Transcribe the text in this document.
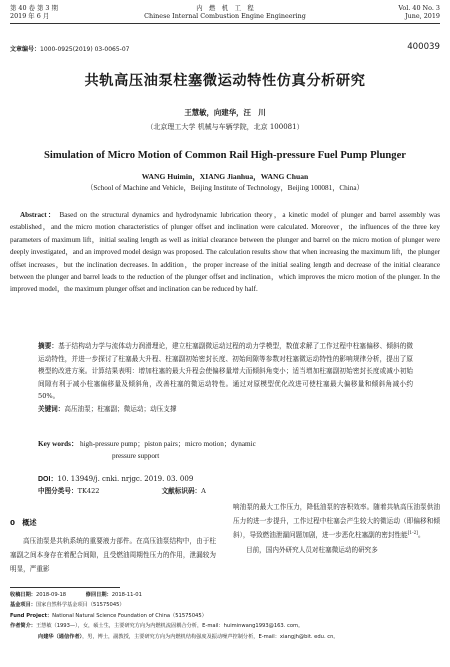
第 40 卷 第 3 期
2019 年 6 月
内　燃　机　工　程
Chinese Internal Combustion Engine Engineering
Vol. 40 No. 3
June, 2019
文章编号：1000-0925(2019) 03-0065-07	400039
共轨高压油泵柱塞微运动特性仿真分析研究
王慧敏，向建华，汪　川
（北京理工大学 机械与车辆学院，北京 100081）
Simulation of Micro Motion of Common Rail High-pressure Fuel Pump Plunger
WANG Huimin，XIANG Jianhua，WANG Chuan
（School of Machine and Vehicle，Beijing Institute of Technology，Beijing 100081，China）
Abstract： Based on the structural dynamics and hydrodynamic lubrication theory，a kinetic model of plunger and barrel assembly was established，and the micro motion characteristics of plunger offset and inclination were calculated. Moreover，the influences of the three key parameters of maximum lift，initial sealing length as well as initial clearance between the plunger and barrel on the micro motion of plunger were deeply investigated，and an improved model design was proposed. The calculation results show that when increasing the maximum lift，the plunger offset increases，but the inclination decreases. In addition，the proper increase of the initial sealing length and decrease of the initial clearance between the plunger and barrel leads to the reduction of the plunger offset and inclination，which improves the micro motion of the plunger. In the improved model，the maximum plunger offset and inclination can be reduced by half.

摘要：基于结构动力学与流体动力润滑理论，建立柱塞副微运动过程的动力学模型，数值求解了工作过程中柱塞偏移、倾斜的微运动特性，并进一步探讨了柱塞最大升程、柱塞副初始密封长度、初始间隙等参数对柱塞微运动特性的影响规律分析，提出了原模型的改进方案。计算结果表明：增加柱塞的最大升程会使偏移量增大而倾斜角变小；适当增加柱塞副初始密封长度或减小初始间隙有利于减小柱塞偏移量及倾斜角，改善柱塞的微运动特性。通过对原模型优化改进可使柱塞最大偏移量和倾斜角减小约 50%。

关键词：高压油泵；柱塞副；微运动；动压支撑

Key words： high-pressure pump；piston pairs；micro motion；dynamic
pressure support
DOI：10. 13949/j. cnki. nrjgc. 2019. 03. 009
中图分类号：TK422	文献标识码：A
0　概述
高压油泵是共轨系统的重要液力部件。在高压油泵结构中，由于柱塞副之间本身存在着配合间隙，且受燃油周期性压力的作用，泄漏较为明显，严重影

响油泵的最大工作压力，降低油泵的容积效率。随着共轨高压油泵供油压力的进一步提升，工作过程中柱塞会产生较大的微运动（即偏移和倾斜），导致燃油泄漏问题加剧，进一步恶化柱塞副的密封性能[1-2]。

目前，国内外研究人员对柱塞微运动的研究多

收稿日期：2018-09-18	修回日期：2018-11-01
基金项目：国家自然科学基金项目（51575045）
Fund Project：National Natural Science Foundation of China（51575045）
作者简介：王慧敏（1993—），女，硕士生，主要研究方向为内燃机流固耦合分析，E-mail：huiminwang1993@163. com。
向建华（通信作者），男，博士，副教授，主要研究方向为内燃机结构强度及振动噪声控制分析，E-mail：xiangjh@bit. edu. cn。
